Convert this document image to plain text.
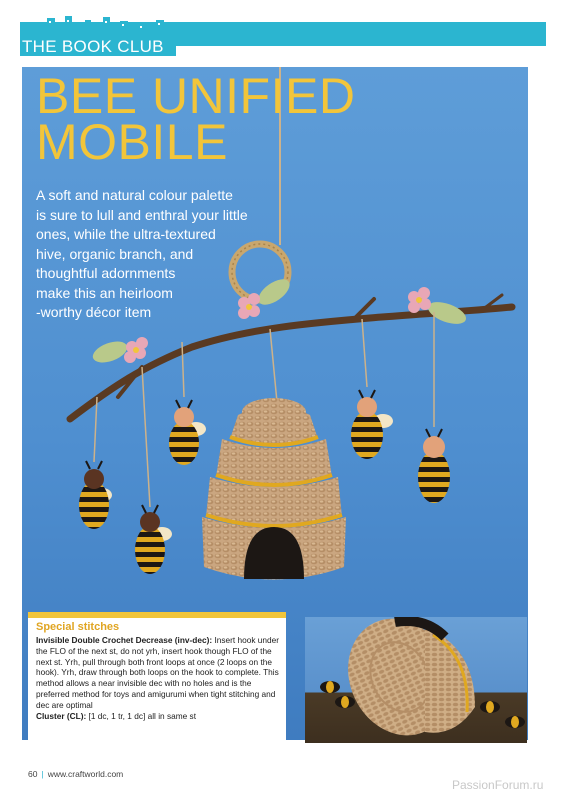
THE BOOK CLUB
BEE UNIFIED
MOBILE

A soft and natural colour palette
is sure to lull and enthral your little
ones, while the ultra-textured
hive, organic branch, and
thoughtful adornments
make this an heirloom
-worthy décor item

Special stitches

Invisible Double Crochet Decrease (inv-dec): Insert hook under the FLO of the next st, do not yrh, insert hook though FLO of the next st. Yrh, pull through both front loops at once (2 loops on the hook). Yrh, draw through both loops on the hook to complete. This method allows a near invisible dec with no holes and is the preferred method for toys and amigurumi when tight stitching and dec are optimal
Cluster (CL): [1 dc, 1 tr, 1 dc] all in same st

60 | www.craftworld.com
PassionForum.ru
